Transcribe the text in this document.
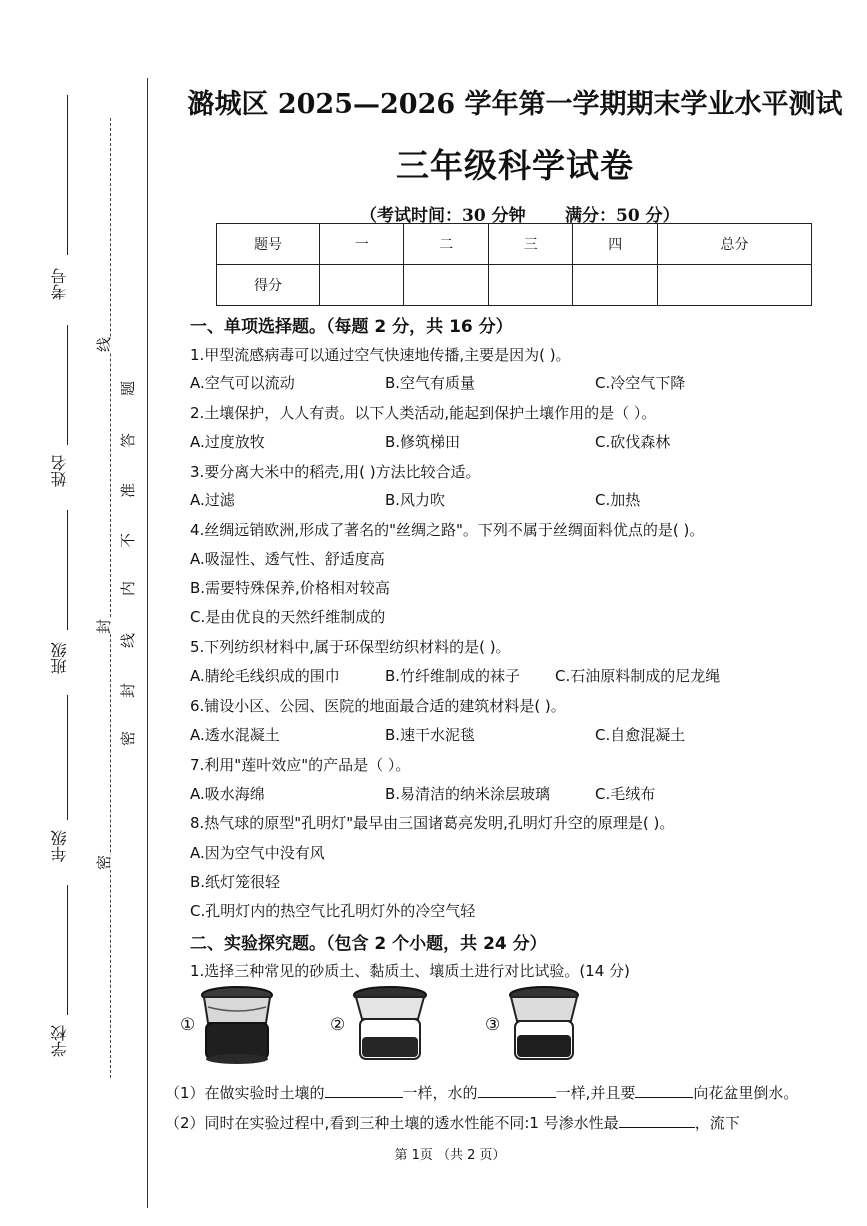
考号
姓名
班级
年级
学校
线
题
答
准
不
内
封
线
封
密
密
潞城区 2025—2026 学年第一学期期末学业水平测试
三年级科学试卷
（考试时间：30 分钟 满分：50 分）
题号	一	二	三	四	总分
得分					
一、单项选择题。（每题 2 分，共 16 分）
1.甲型流感病毒可以通过空气快速地传播,主要是因为( )。
A.空气可以流动	B.空气有质量	C.冷空气下降
2.土壤保护，人人有责。以下人类活动,能起到保护土壤作用的是（ ）。
A.过度放牧	B.修筑梯田	C.砍伐森林
3.要分离大米中的稻壳,用( )方法比较合适。
A.过滤	B.风力吹	C.加热
4.丝绸远销欧洲,形成了著名的"丝绸之路"。下列不属于丝绸面料优点的是( )。
A.吸湿性、透气性、舒适度高
B.需要特殊保养,价格相对较高
C.是由优良的天然纤维制成的
5.下列纺织材料中,属于环保型纺织材料的是( )。
A.腈纶毛线织成的围巾	B.竹纤维制成的袜子 C.石油原料制成的尼龙绳
6.铺设小区、公园、医院的地面最合适的建筑材料是( )。
A.透水混凝土	B.速干水泥毯	C.自愈混凝土
7.利用"莲叶效应"的产品是（ ）。
A.吸水海绵	B.易清洁的纳米涂层玻璃	C.毛绒布
8.热气球的原型"孔明灯"最早由三国诸葛亮发明,孔明灯升空的原理是( )。
A.因为空气中没有风
B.纸灯笼很轻
C.孔明灯内的热空气比孔明灯外的冷空气轻
二、实验探究题。（包含 2 个小题，共 24 分）
1.选择三种常见的砂质土、黏质土、壤质土进行对比试验。(14 分)
①	②	③
（1）在做实验时土壤的	一样，水的	一样,并且要	向花盆里倒水。
（2）同时在实验过程中,看到三种土壤的透水性能不同:1 号渗水性最	，流下
第 1页 （共 2 页）
